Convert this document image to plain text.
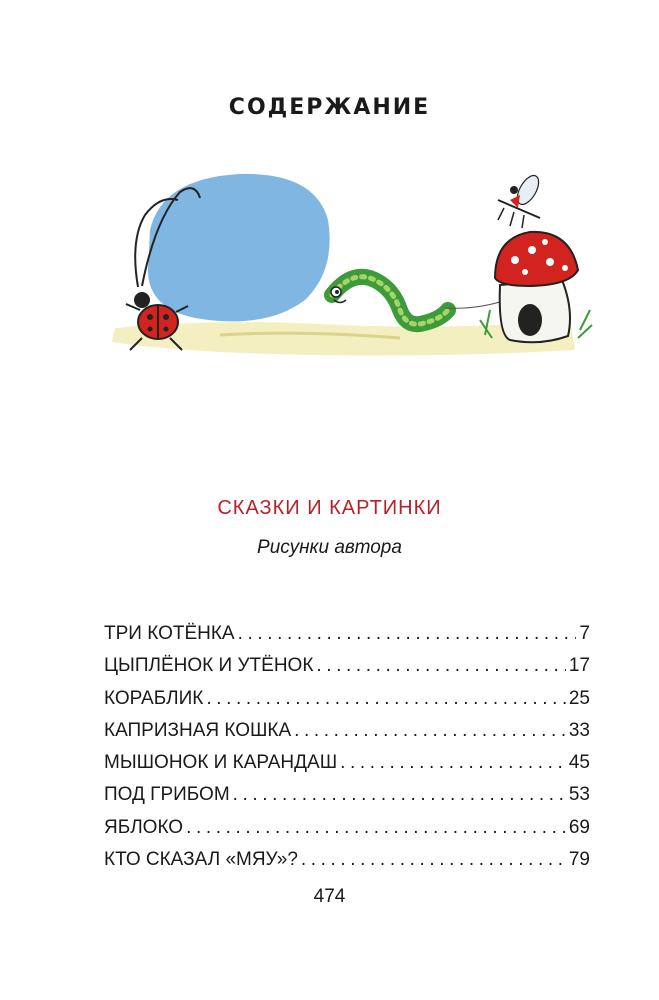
СОДЕРЖАНИЕ
СКАЗКИ И КАРТИНКИ
Рисунки автора
ТРИ КОТЁНКА .....	7
ЦЫПЛЁНОК И УТЁНОК .....	17
КОРАБЛИК .....	25
КАПРИЗНАЯ КОШКА .....	33
МЫШОНОК И КАРАНДАШ .....	45
ПОД ГРИБОМ .....	53
ЯБЛОКО .....	69
КТО СКАЗАЛ «МЯУ»? .....	79
474
